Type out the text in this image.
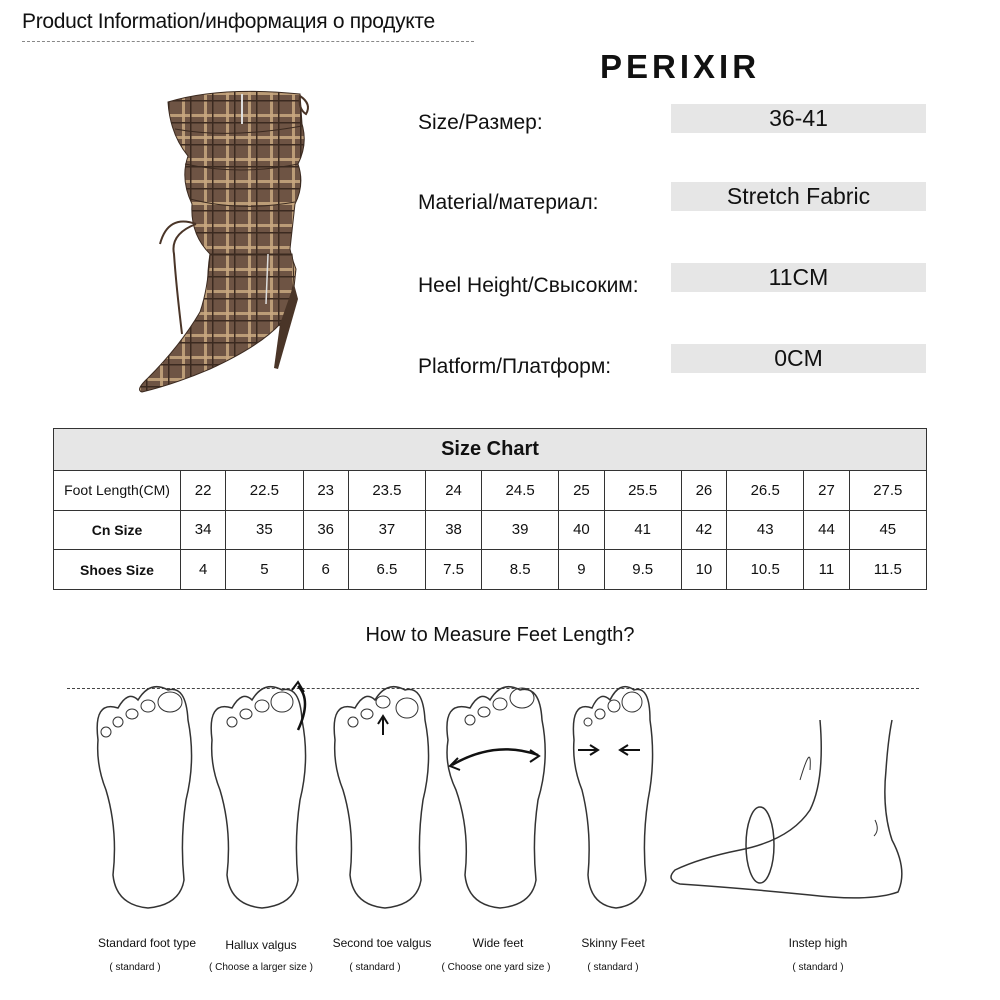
Product Information/информация о продукте
PERIXIR
Size/Размер:	36-41
Material/материал:	Stretch Fabric
Heel Height/Свысоким:	11CM
Platform/Платформ:	0CM
Size Chart												
Foot Length(CM)	22	22.5	23	23.5	24	24.5	25	25.5	26	26.5	27	27.5
Cn Size	34	35	36	37	38	39	40	41	42	43	44	45
Shoes Size	4	5	6	6.5	7.5	8.5	9	9.5	10	10.5	11	11.5
How to Measure Feet Length?
Standard foot type
( standard )
Hallux valgus
( Choose a larger size )
Second toe valgus
( standard )
Wide feet
( Choose one yard size )
Skinny Feet
( standard )
Instep high
( standard )
